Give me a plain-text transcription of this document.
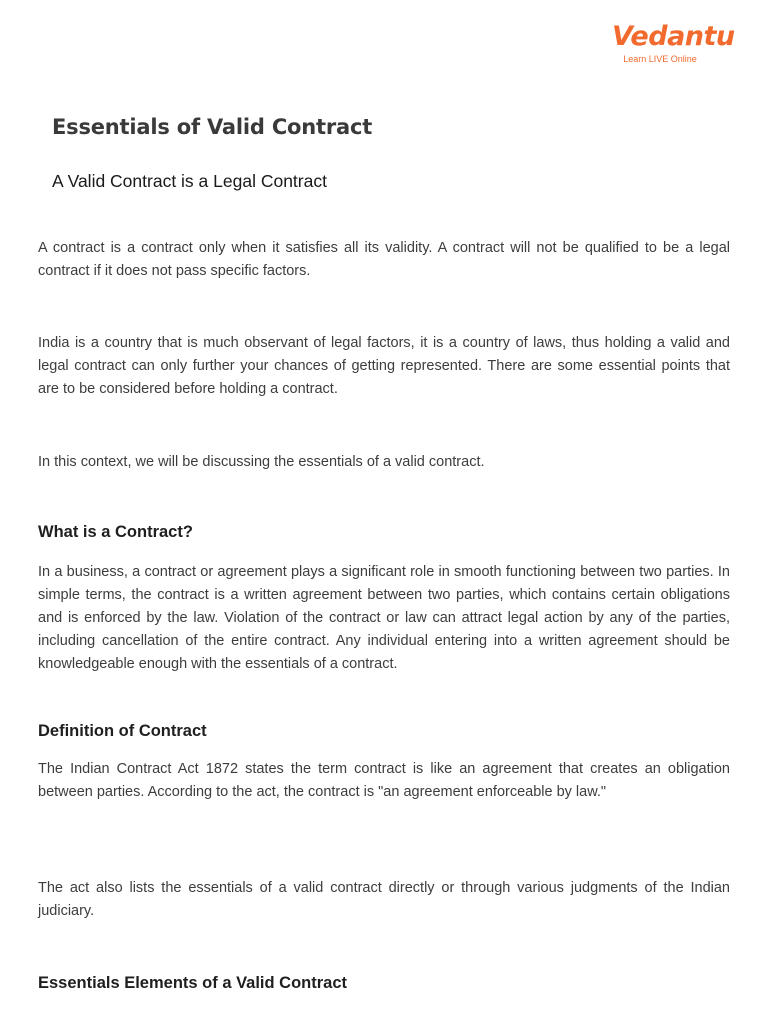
Vedantu
Learn LIVE Online
Essentials of Valid Contract
A Valid Contract is a Legal Contract

A contract is a contract only when it satisfies all its validity. A contract will not be qualified to be a legal contract if it does not pass specific factors.

India is a country that is much observant of legal factors, it is a country of laws, thus holding a valid and legal contract can only further your chances of getting represented. There are some essential points that are to be considered before holding a contract.

In this context, we will be discussing the essentials of a valid contract.

What is a Contract?

In a business, a contract or agreement plays a significant role in smooth functioning between two parties. In simple terms, the contract is a written agreement between two parties, which contains certain obligations and is enforced by the law. Violation of the contract or law can attract legal action by any of the parties, including cancellation of the entire contract. Any individual entering into a written agreement should be knowledgeable enough with the essentials of a contract.

Definition of Contract

The Indian Contract Act 1872 states the term contract is like an agreement that creates an obligation between parties. According to the act, the contract is "an agreement enforceable by law."

The act also lists the essentials of a valid contract directly or through various judgments of the Indian judiciary.

Essentials Elements of a Valid Contract
